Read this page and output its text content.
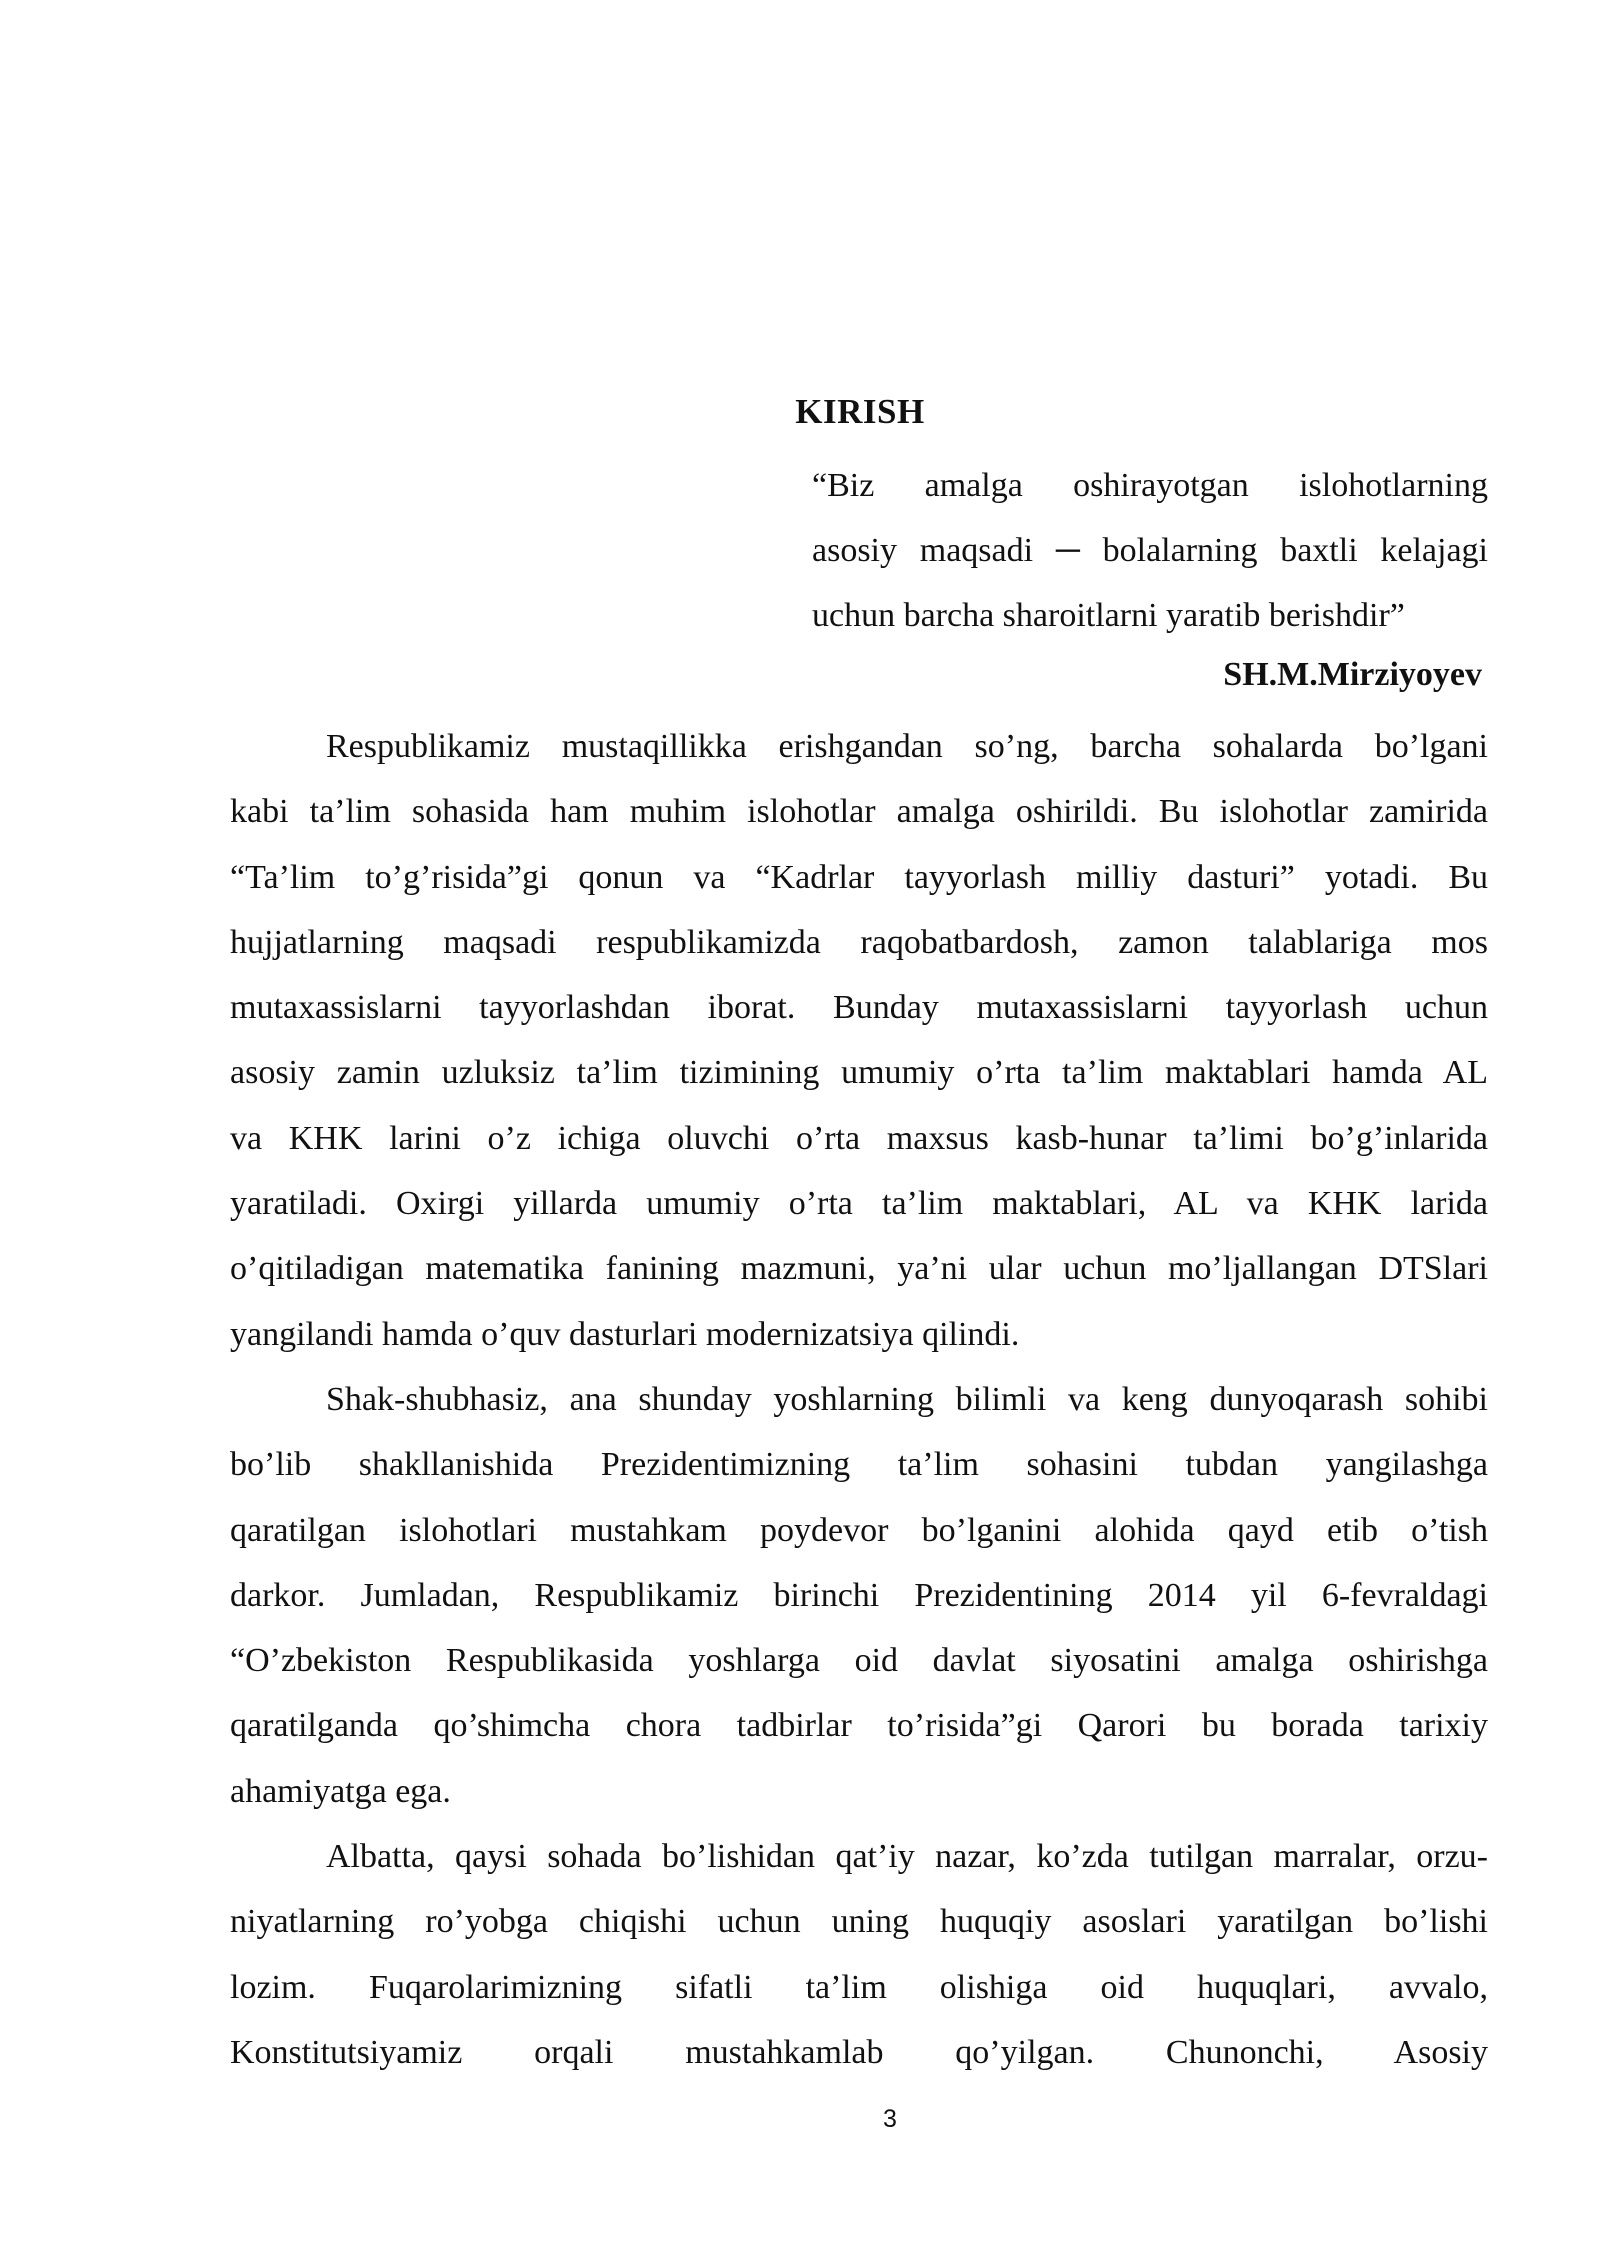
KIRISH
“Biz amalga oshirayotgan islohotlarning
asosiy maqsadi ─ bolalarning baxtli kelajagi
uchun barcha sharoitlarni yaratib berishdir”

SH.M.Mirziyoyev

Respublikamiz mustaqillikka erishgandan so’ng, barcha sohalarda bo’lgani
kabi ta’lim sohasida ham muhim islohotlar amalga oshirildi. Bu islohotlar zamirida
“Ta’lim to’g’risida”gi qonun va “Kadrlar tayyorlash milliy dasturi” yotadi. Bu
hujjatlarning maqsadi respublikamizda raqobatbardosh, zamon talablariga mos
mutaxassislarni tayyorlashdan iborat. Bunday mutaxassislarni tayyorlash uchun
asosiy zamin uzluksiz ta’lim tizimining umumiy o’rta ta’lim maktablari hamda AL
va KHK larini o’z ichiga oluvchi o’rta maxsus kasb-hunar ta’limi bo’g’inlarida
yaratiladi. Oxirgi yillarda umumiy o’rta ta’lim maktablari, AL va KHK larida
o’qitiladigan matematika fanining mazmuni, ya’ni ular uchun mo’ljallangan DTSlari
yangilandi hamda o’quv dasturlari modernizatsiya qilindi.

Shak-shubhasiz, ana shunday yoshlarning bilimli va keng dunyoqarash sohibi
bo’lib shakllanishida Prezidentimizning ta’lim sohasini tubdan yangilashga
qaratilgan islohotlari mustahkam poydevor bo’lganini alohida qayd etib o’tish
darkor. Jumladan, Respublikamiz birinchi Prezidentining 2014 yil 6-fevraldagi
“O’zbekiston Respublikasida yoshlarga oid davlat siyosatini amalga oshirishga
qaratilganda qo’shimcha chora tadbirlar to’risida”gi Qarori bu borada tarixiy
ahamiyatga ega.

Albatta, qaysi sohada bo’lishidan qat’iy nazar, ko’zda tutilgan marralar, orzu-
niyatlarning ro’yobga chiqishi uchun uning huquqiy asoslari yaratilgan bo’lishi
lozim. Fuqarolarimizning sifatli ta’lim olishiga oid huquqlari, avvalo,
Konstitutsiyamiz orqali mustahkamlab qo’yilgan. Chunonchi, Asosiy

3
